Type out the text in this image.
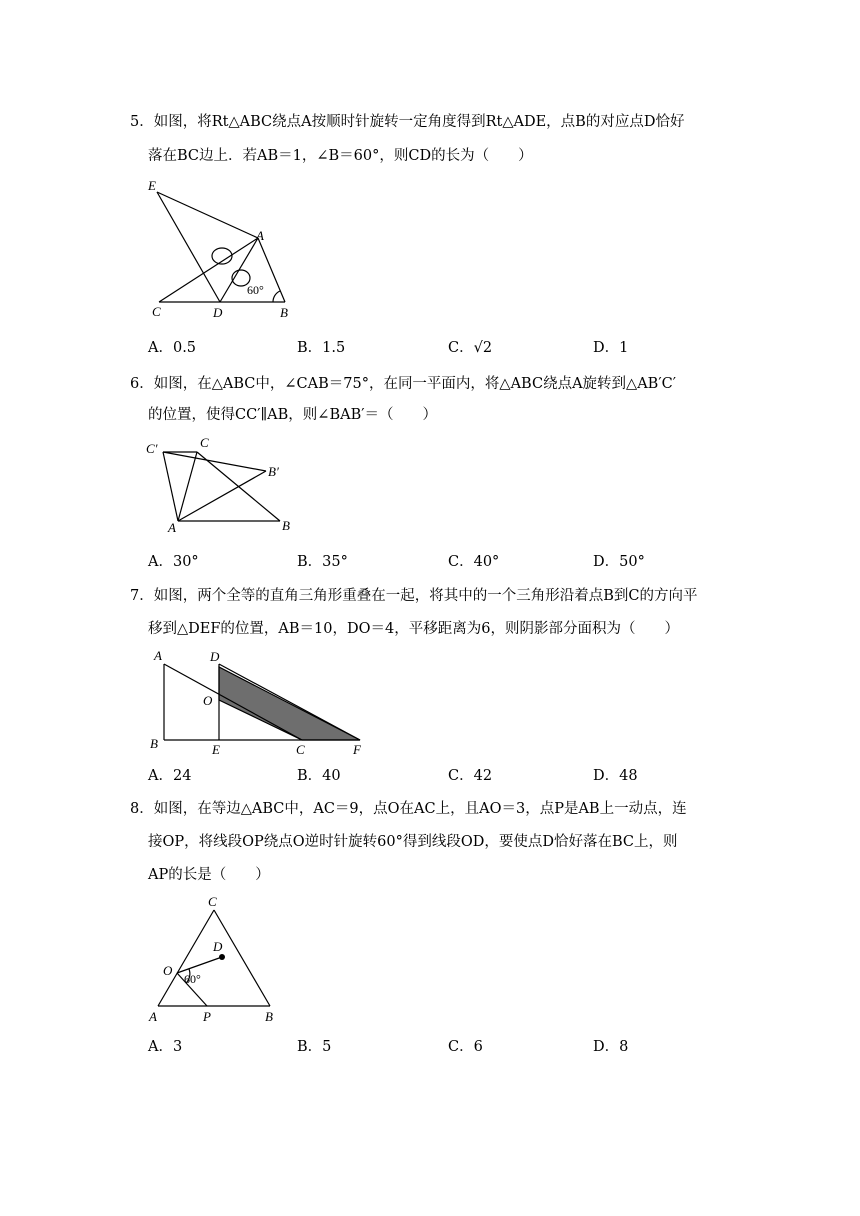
5．如图，将Rt△ABC绕点A按顺时针旋转一定角度得到Rt△ADE，点B的对应点D恰好
落在BC边上．若AB＝1，∠B＝60°，则CD的长为（　　）
E
A
C	D	B
60°
A．0.5	B．1.5	C．√2	D．1
6．如图，在△ABC中，∠CAB＝75°，在同一平面内，将△ABC绕点A旋转到△AB′C′
的位置，使得CC′∥AB，则∠BAB′＝（　　）
C′	C
B′
A	B
A．30°	B．35°	C．40°	D．50°
7．如图，两个全等的直角三角形重叠在一起，将其中的一个三角形沿着点B到C的方向平
移到△DEF的位置，AB＝10，DO＝4，平移距离为6，则阴影部分面积为（　　）
A	D
O
B	E	C	F
A．24	B．40	C．42	D．48
8．如图，在等边△ABC中，AC＝9，点O在AC上，且AO＝3，点P是AB上一动点，连
接OP，将线段OP绕点O逆时针旋转60°得到线段OD，要使点D恰好落在BC上，则
AP的长是（　　）
C
D
O
60°
A	P	B
A．3	B．5	C．6	D．8
